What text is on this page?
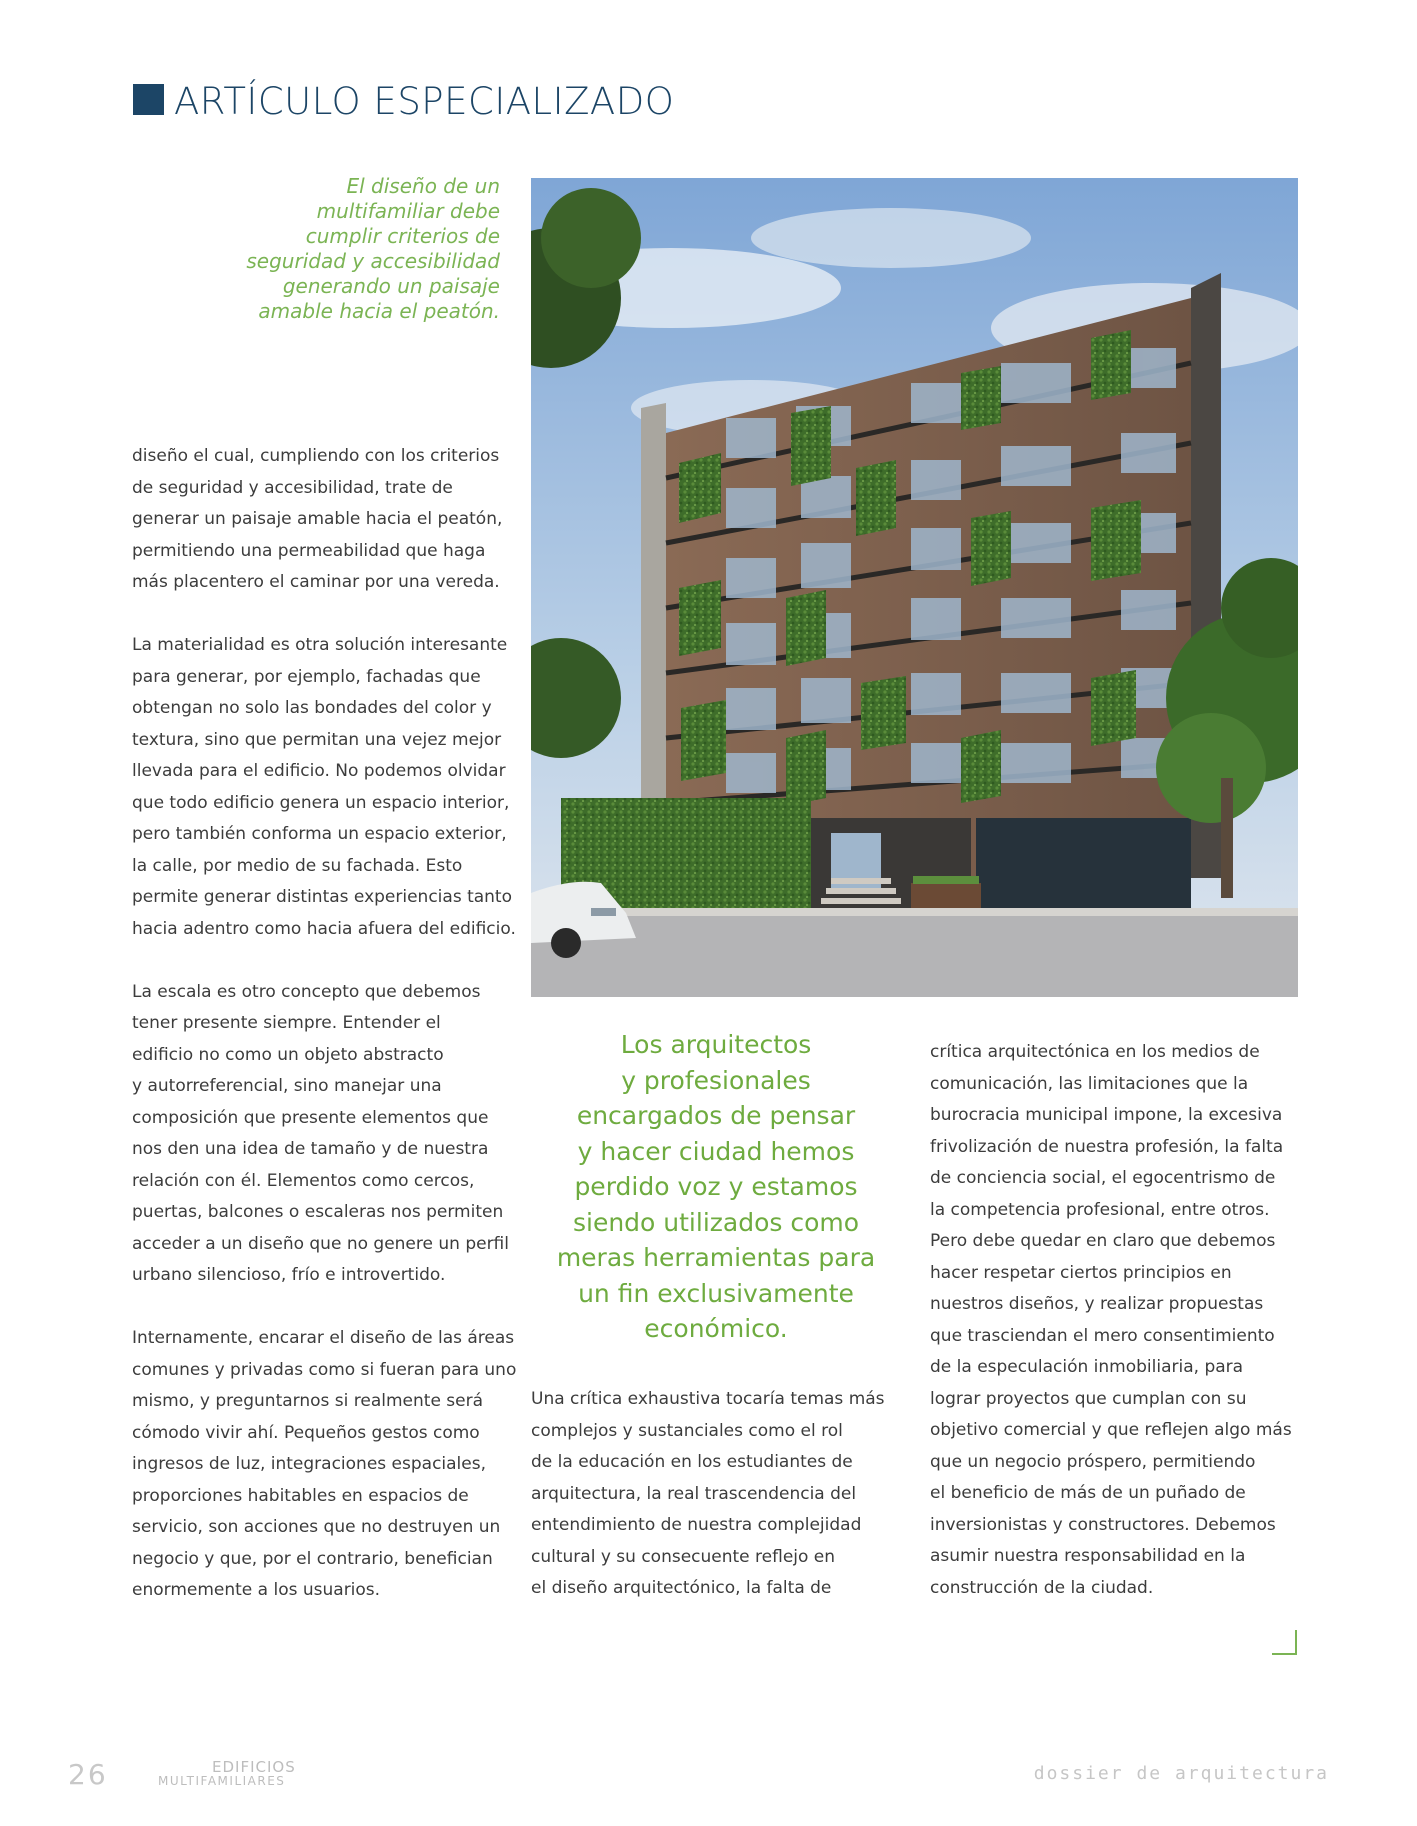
ARTÍCULO ESPECIALIZADO
El diseño de un
multifamiliar debe
cumplir criterios de
seguridad y accesibilidad
generando un paisaje
amable hacia el peatón.

diseño el cual, cumpliendo con los criterios
de seguridad y accesibilidad, trate de
generar un paisaje amable hacia el peatón,
permitiendo una permeabilidad que haga
más placentero el caminar por una vereda.

La materialidad es otra solución interesante
para generar, por ejemplo, fachadas que
obtengan no solo las bondades del color y
textura, sino que permitan una vejez mejor
llevada para el edificio. No podemos olvidar
que todo edificio genera un espacio interior,
pero también conforma un espacio exterior,
la calle, por medio de su fachada. Esto
permite generar distintas experiencias tanto
hacia adentro como hacia afuera del edificio.

La escala es otro concepto que debemos
tener presente siempre. Entender el
edificio no como un objeto abstracto
y autorreferencial, sino manejar una
composición que presente elementos que
nos den una idea de tamaño y de nuestra
relación con él. Elementos como cercos,
puertas, balcones o escaleras nos permiten
acceder a un diseño que no genere un perfil
urbano silencioso, frío e introvertido.

Internamente, encarar el diseño de las áreas
comunes y privadas como si fueran para uno
mismo, y preguntarnos si realmente será
cómodo vivir ahí. Pequeños gestos como
ingresos de luz, integraciones espaciales,
proporciones habitables en espacios de
servicio, son acciones que no destruyen un
negocio y que, por el contrario, benefician
enormemente a los usuarios.

Los arquitectos
y profesionales
encargados de pensar
y hacer ciudad hemos
perdido voz y estamos
siendo utilizados como
meras herramientas para
un fin exclusivamente
económico.
Una crítica exhaustiva tocaría temas más
complejos y sustanciales como el rol
de la educación en los estudiantes de
arquitectura, la real trascendencia del
entendimiento de nuestra complejidad
cultural y su consecuente reflejo en
el diseño arquitectónico, la falta de
crítica arquitectónica en los medios de
comunicación, las limitaciones que la
burocracia municipal impone, la excesiva
frivolización de nuestra profesión, la falta
de conciencia social, el egocentrismo de
la competencia profesional, entre otros.
Pero debe quedar en claro que debemos
hacer respetar ciertos principios en
nuestros diseños, y realizar propuestas
que trasciendan el mero consentimiento
de la especulación inmobiliaria, para
lograr proyectos que cumplan con su
objetivo comercial y que reflejen algo más
que un negocio próspero, permitiendo
el beneficio de más de un puñado de
inversionistas y constructores. Debemos
asumir nuestra responsabilidad en la
construcción de la ciudad.
26	EDIFICIOS
MULTIFAMILIARES	dossier de arquitectura
